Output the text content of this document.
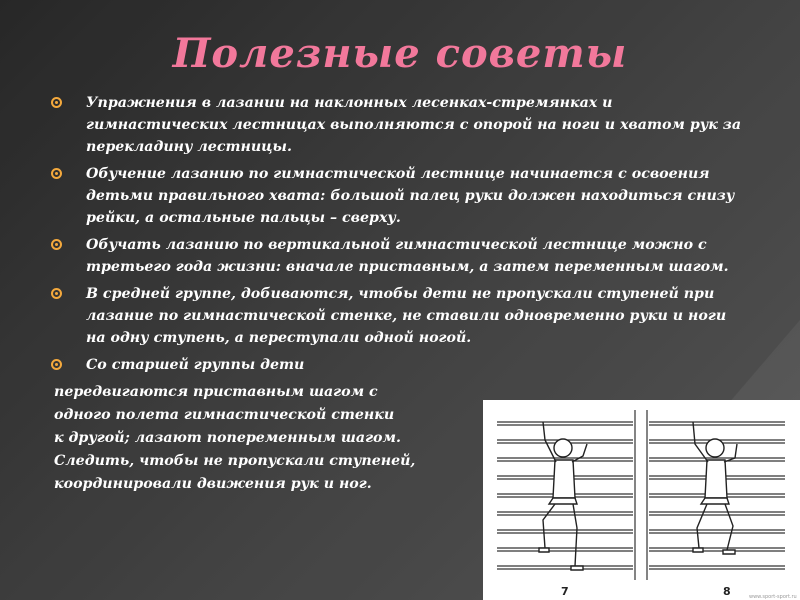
Полезные советы
Упражнения в лазании на наклонных лесенках-стремянках и гимнастических лестницах выполняются с опорой на ноги и хватом рук за перекладину лестницы.
Обучение лазанию по гимнастической лестнице начинается с освоения детьми правильного хвата: большой палец руки должен находиться снизу рейки, а остальные пальцы – сверху.
Обучать лазанию по вертикальной гимнастической лестнице можно с третьего года жизни: вначале приставным, а затем переменным шагом.
В средней группе, добиваются, чтобы дети не пропускали ступеней при лазание по гимнастической стенке, не ставили одновременно руки и ноги на одну ступень, а переступали одной ногой.
Со старшей группы дети
передвигаются приставным шагом с
одного полета гимнастической стенки
к другой; лазают попеременным шагом.
Следить, чтобы не пропускали ступеней,
координировали движения рук и ног.
7	8	www.sport-sport.ru
